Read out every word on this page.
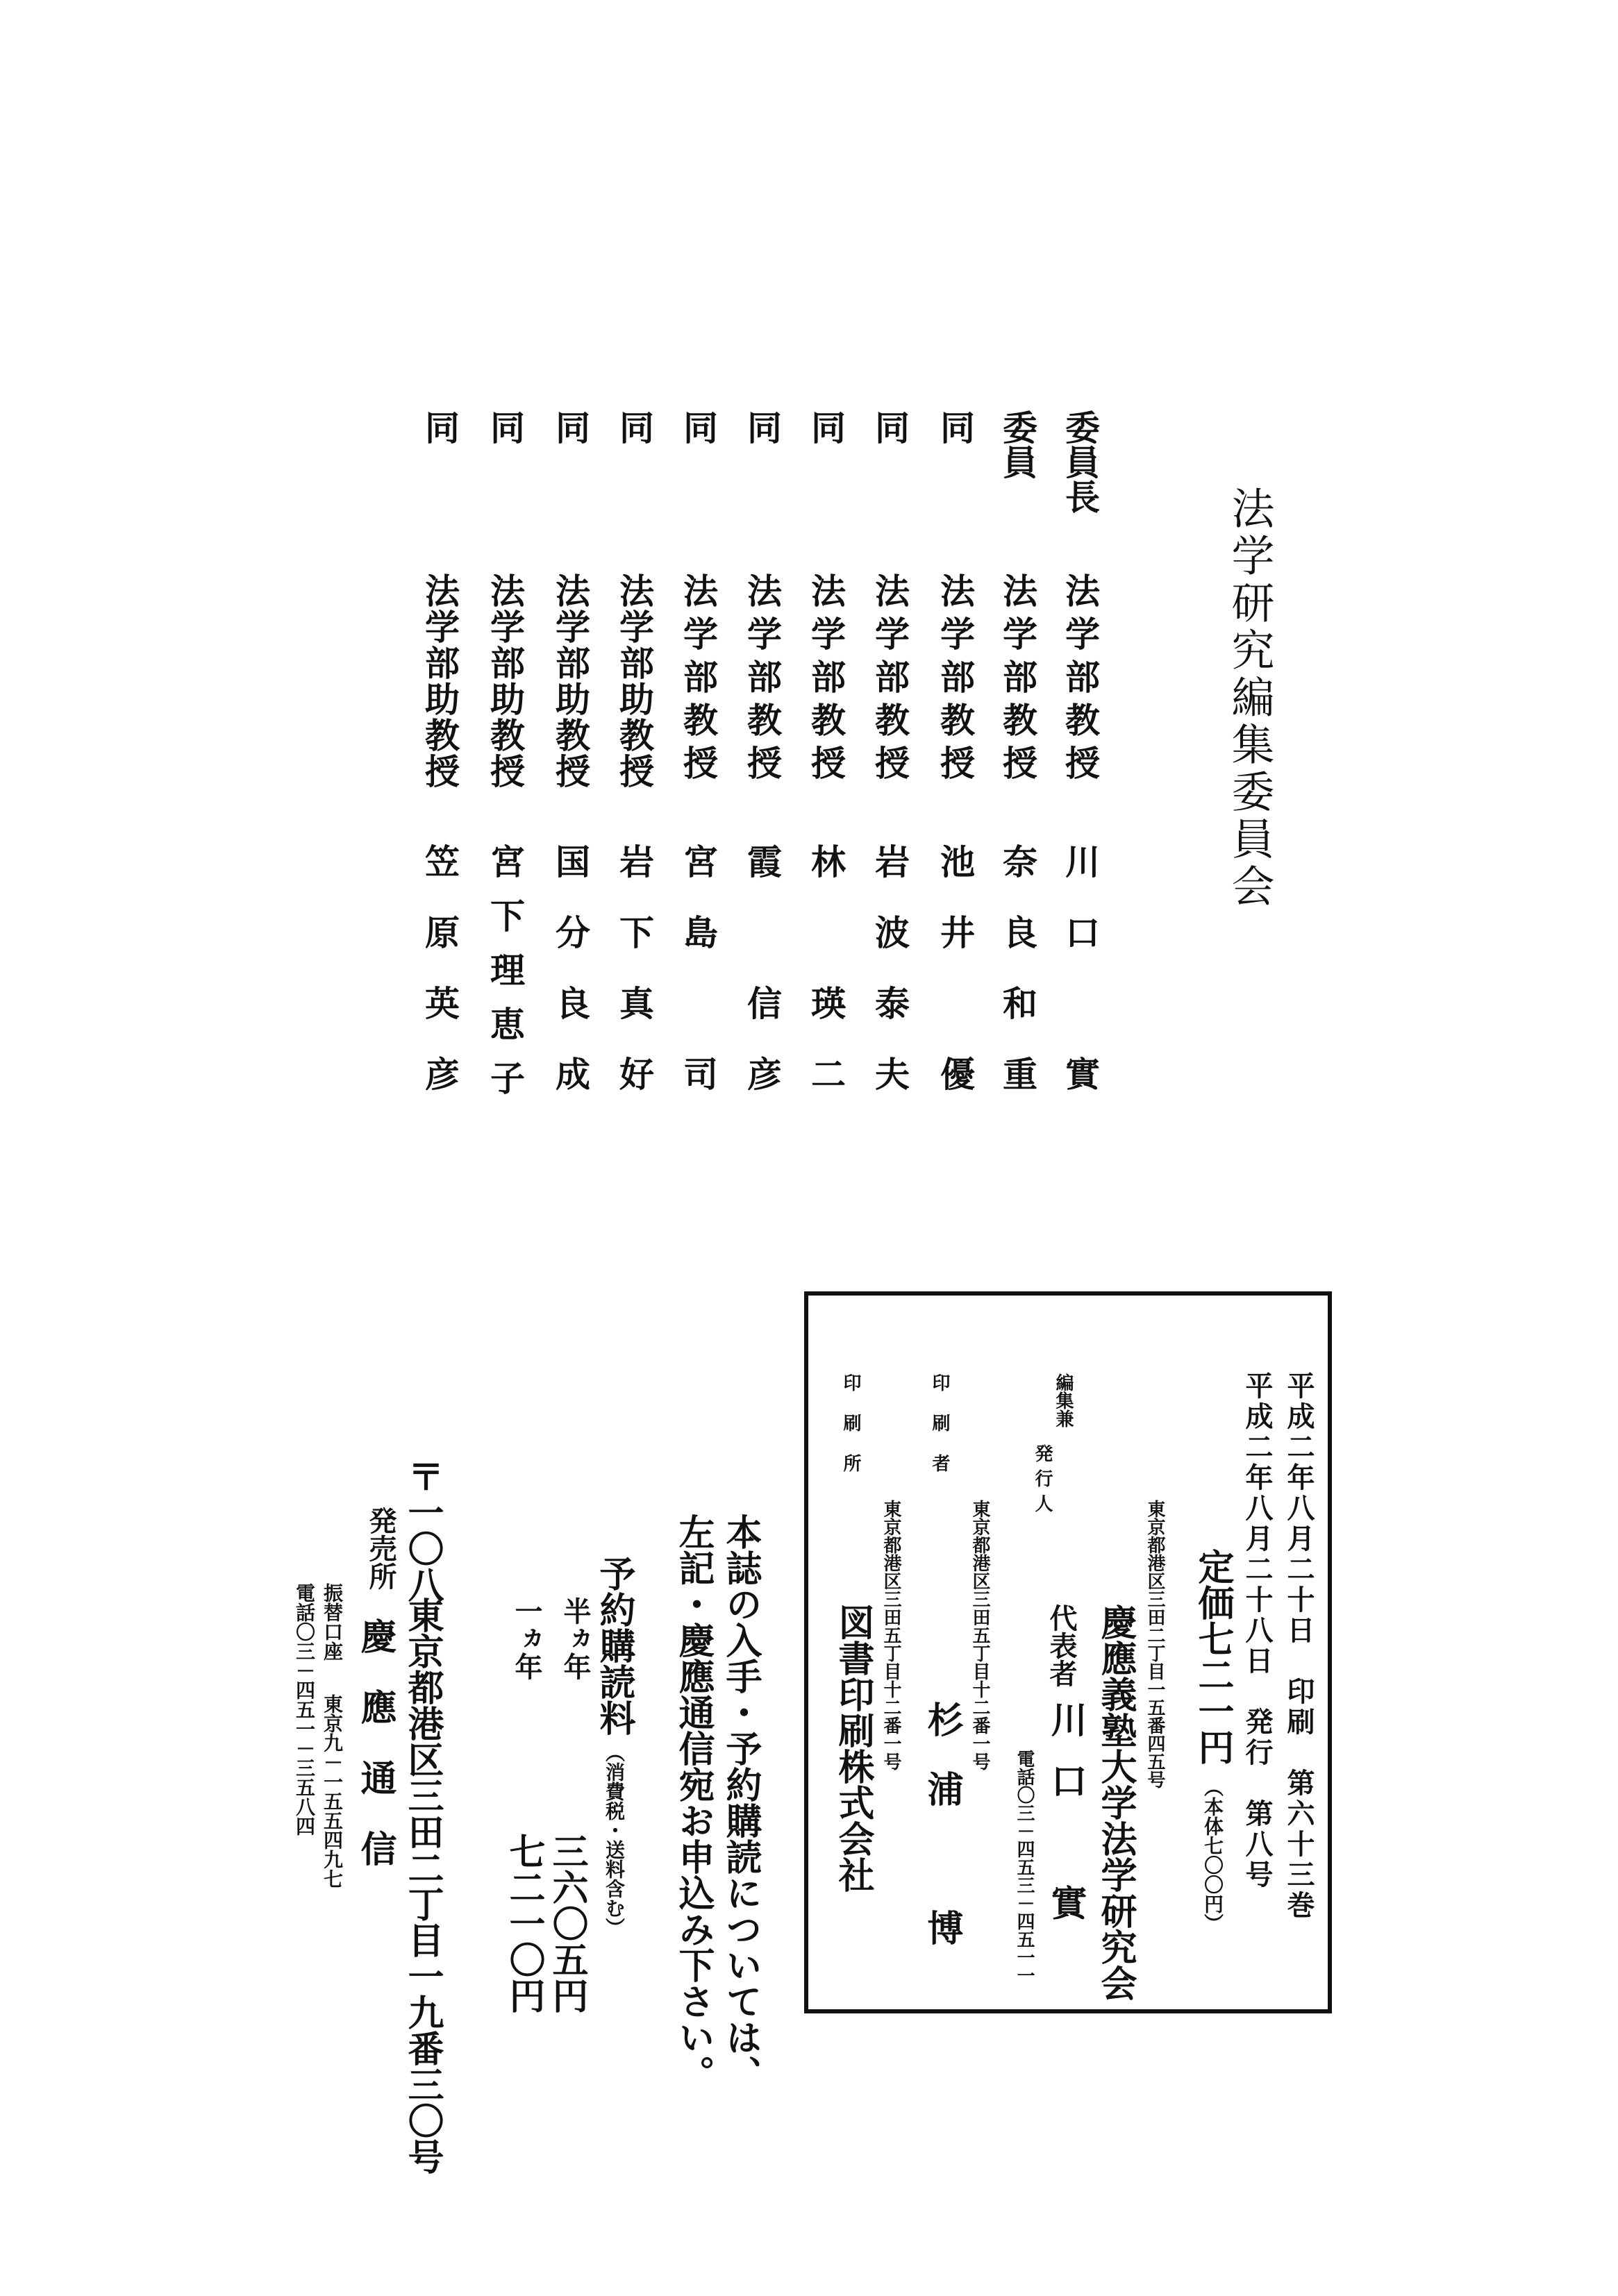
法学研究編集委員会
委員長
委員
同
同
同
同
同
同
同
同
同
法学部教授
法学部教授
法学部教授
法学部教授
法学部教授
法学部教授
法学部教授
法学部助教授
法学部助教授
法学部助教授
法学部助教授
川口　實
奈良和重
池井　優
岩波泰夫
林　瑛二
霞　信彦
宮島　司
岩下真好
国分良成
宮下理恵子
笠原英彦
平成二年八月二十日　印刷　第六十三巻
平成二年八月二十八日　発行　第八号
定価七二一円
（本体七〇〇円）
東京都港区三田二丁目一五番四五号
慶應義塾大学法学研究会
編集兼
発行人
代表者
川口　實
電話〇三－四五三－四五一一
印刷者
東京都港区三田五丁目十二番一号
杉浦　博
印刷所
東京都港区三田五丁目十二番一号
図書印刷株式会社
本誌の入手・予約購読については、
左記・慶應通信宛お申込み下さい。
予約購読料
（消費税・送料含む）
半ヵ年
三六〇五円
一ヵ年
七二一〇円
〒一〇八
東京都港区三田二丁目一九番三〇号
発売所
慶應通信
振替口座
東京九－一五五四九七
電話〇三－四五一－三五八四
